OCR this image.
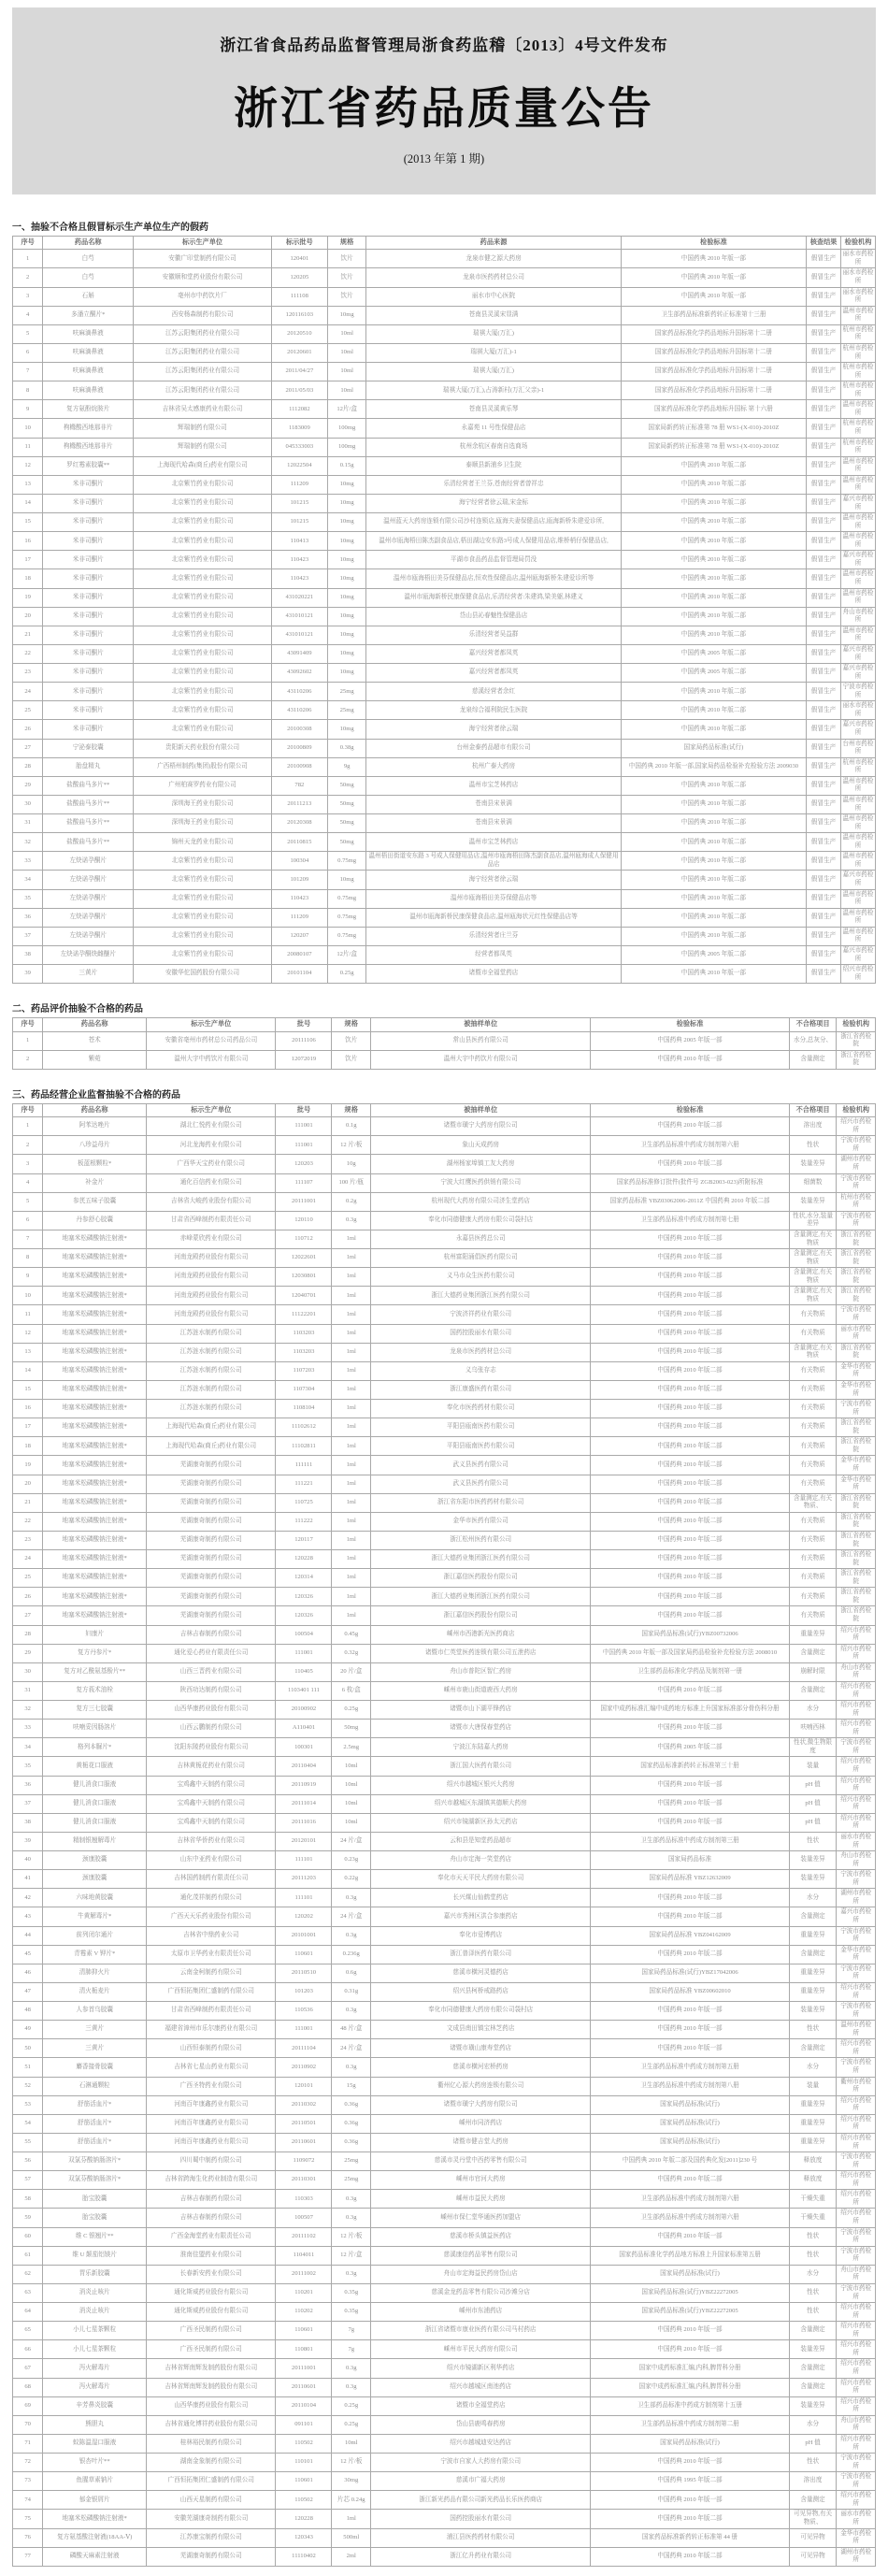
浙江省食品药品监督管理局浙食药监稽〔2013〕4号文件发布
浙江省药品质量公告
(2013 年第 1 期)
一、抽验不合格且假冒标示生产单位生产的假药
序号	药品名称	标示生产单位	标示批号	规格	药品来源	检验标准	核查结果	检验机构
1	白芍	安徽广印堂制药有限公司	120401	饮片	龙泉市健之源大药房	中国药典 2010 年版一部	假冒生产	丽水市药检所
2	白芍	安徽顺和堂药业股份有限公司	120205	饮片	龙泉市医药药材总公司	中国药典 2010 年版一部	假冒生产	丽水市药检所
3	石斛	亳州市中药饮片厂	111108	饮片	丽水市中心医院	中国药典 2010 年版一部	假冒生产	丽水市药检所
4	多潘立酮片*	西安杨森制药有限公司	120116103	10mg	苍南县灵溪宋显满	卫生部药品标准新药转正标准第十三册	假冒生产	温州市药检所
5	呋麻滴鼻液	江苏云阳集团药业有限公司	20120510	10ml	瑞祺大厦(万汇)	国家药品标准化学药品地标升国标第十二册	假冒生产	杭州市药检所
6	呋麻滴鼻液	江苏云阳集团药业有限公司	20120601	10ml	瑞祺大厦(万汇)-1	国家药品标准化学药品地标升国标第十二册	假冒生产	杭州市药检所
7	呋麻滴鼻液	江苏云阳集团药业有限公司	2011/04/27	10ml	瑞祺大厦(万汇)	国家药品标准化学药品地标升国标第十二册	假冒生产	杭州市药检所
8	呋麻滴鼻液	江苏云阳集团药业有限公司	2011/05/03	10ml	瑞祺大厦(万汇),占涛新村(万汇父亲)-1	国家药品标准化学药品地标升国标第十二册	假冒生产	杭州市药检所
9	复方氨酚烷胺片	吉林省吴太感康药业有限公司	1112082	12片/盒	苍南县灵溪黄乐琴	国家药品标准化学药品地标升国标 第十六册	假冒生产	温州市药检所
10	枸橼酸西地那非片	辉瑞制药有限公司	1183009	100mg	永嘉苑 11 号性保健品店	国家局新药转正标准第 78 册 WS1-(X-010)-2010Z	假冒生产	杭州市药检所
11	枸橼酸西地那非片	辉瑞制药有限公司	045333003	100mg	杭州余杭区春南自选商场	国家局新药转正标准第 78 册 WS1-(X-010)-2010Z	假冒生产	杭州市药检所
12	罗红霉素胶囊**	上海现代哈森(商丘)药业有限公司	12022504	0.15g	泰顺县新浦乡卫生院	中国药典 2010 年版二部	假冒生产	温州市药检所
13	米非司酮片	北京紫竹药业有限公司	111209	10mg	乐清经营者王兰芬,苍南经营者曾祥忠	中国药典 2010 年版二部	假冒生产	温州市药检所
14	米非司酮片	北京紫竹药业有限公司	101215	10mg	海宁经营者徐云瑞,宋金标	中国药典 2010 年版二部	假冒生产	嘉兴市药检所
15	米非司酮片	北京紫竹药业有限公司	101215	10mg	温州蓝天大药房连锁有限公司沙村连锁店,瓯海夫妻保健品店,瓯海新桥朱建爱诊所,	中国药典 2010 年版二部	假冒生产	温州市药检所
16	米非司酮片	北京紫竹药业有限公司	110413	10mg	温州市瓯海梧田陈杰副食品店,梧田湖边安东路3号成人保健用品店,维桥梢仔保健品店,	中国药典 2010 年版二部	假冒生产	温州市药检所
17	米非司酮片	北京紫竹药业有限公司	110423	10mg	平湖市食品药品监督管理局罚没	中国药典 2010 年版二部	假冒生产	嘉兴市药检所
18	米非司酮片	北京紫竹药业有限公司	110423	10mg	温州市瓯海梧田美芬保健品店,恒欢性保健品店,温州瓯海新桥朱建爱诊所等	中国药典 2010 年版二部	假冒生产	温州市药检所
19	米非司酮片	北京紫竹药业有限公司	431020221	10mg	温州市瓯海新桥民康保健食品店,乐清经营者:朱建鸿,梁美躯,林建义	中国药典 2010 年版二部	假冒生产	温州市药检所
20	米非司酮片	北京紫竹药业有限公司	431010121	10mg	岱山县沁春魅性保健品店	中国药典 2010 年版二部	假冒生产	舟山市药检所
21	米非司酮片	北京紫竹药业有限公司	431010121	10mg	乐清经营者吴益群	中国药典 2010 年版二部	假冒生产	温州市药检所
22	米非司酮片	北京紫竹药业有限公司	43091409	10mg	嘉兴经营者都凤英	中国药典 2005 年版二部	假冒生产	嘉兴市药检所
23	米非司酮片	北京紫竹药业有限公司	43092602	10mg	嘉兴经营者都凤英	中国药典 2005 年版二部	假冒生产	嘉兴市药检所
24	米非司酮片	北京紫竹药业有限公司	43110206	25mg	慈溪经营者余红	中国药典 2010 年版二部	假冒生产	宁波市药检所
25	米非司酮片	北京紫竹药业有限公司	43110206	25mg	龙泉综合福利院民生医院	中国药典 2010 年版二部	假冒生产	丽水市药检所
26	米非司酮片	北京紫竹药业有限公司	20100308	10mg	海宁经营者徐云瑞	中国药典 2010 年版二部	假冒生产	嘉兴市药检所
27	宁泌泰胶囊	贵阳新天药业股份有限公司	20100809	0.38g	台州金泰药品超市有限公司	国家局药品标准(试行)	假冒生产	台州市药检所
28	胎盘精丸	广西梧州制药(集团)股份有限公司	20100908	9g	杭州广泰大药房	中国药典 2010 年版一部,国家局药品检验补充检验方法 2009030	假冒生产	杭州市药检所
29	盐酸曲马多片**	广州柏赛罗药业有限公司	782	50mg	温州市宝芝林药店	中国药典 2010 年版二部	假冒生产	温州市药检所
30	盐酸曲马多片**	深圳海王药业有限公司	20111213	50mg	苍南县宋景满	中国药典 2010 年版二部	假冒生产	温州市药检所
31	盐酸曲马多片**	深圳海王药业有限公司	20120308	50mg	苍南县宋景满	中国药典 2010 年版二部	假冒生产	温州市药检所
32	盐酸曲马多片**	锦州天龙药业有限公司	20110815	50mg	温州市宝芝林药店	中国药典 2010 年版二部	假冒生产	温州市药检所
33	左炔诺孕酮片	北京紫竹药业有限公司	100304	0.75mg	温州梧田街道安东路 3 号成人保健用品店,温州市瓯海梧田陈杰副食品店,温州瓯海成人保健用品店	中国药典 2010 年版二部	假冒生产	温州市药检所
34	左炔诺孕酮片	北京紫竹药业有限公司	101209	10mg	海宁经营者徐云瑞	中国药典 2010 年版二部	假冒生产	嘉兴市药检所
35	左炔诺孕酮片	北京紫竹药业有限公司	110423	0.75mg	温州市瓯海梧田美芬保健品店等	中国药典 2010 年版二部	假冒生产	温州市药检所
36	左炔诺孕酮片	北京紫竹药业有限公司	111209	0.75mg	温州市瓯海新桥民康保健食品店,温州瓯海状元红性保健品店等	中国药典 2010 年版二部	假冒生产	温州市药检所
37	左炔诺孕酮片	北京紫竹药业有限公司	120207	0.75mg	乐清经营者庄兰芬	中国药典 2010 年版二部	假冒生产	温州市药检所
38	左炔诺孕酮炔雌醚片	北京紫竹药业有限公司	20080107	12片/盒	经营者都凤英	中国药典 2005 年版二部	假冒生产	嘉兴市药检所
39	三黄片	安徽华佗国药股份有限公司	20101104	0.25g	诸暨市全福堂药店	中国药典 2010 年版一部	假冒生产	绍兴市药检所
二、药品评价抽验不合格的药品
序号	药品名称	标示生产单位	批号	规格	被抽样单位	检验标准	不合格项目	检验机构
1	苍术	安徽省亳州市药材总公司药品公司	20111106	饮片	常山县医药有限公司	中国药典 2005 年版一部	水分,总灰分、	浙江省药检院
2	紫菀	温州大宇中药饮片有限公司	12072019	饮片	温州大宇中药饮片有限公司	中国药典 2010 年版一部	含量测定	浙江省药检院
三、药品经营企业监督抽验不合格的药品
序号	药品名称	标示生产单位	批号	规格	被抽样单位	检验标准	不合格项目	检验机构
1	阿苯达唑片	湖北仁悦药业有限公司	111001	0.1g	诸暨市璜宁大药房有限公司	中国药典 2010 年版二部	溶出度	绍兴市药检所
2	八珍益母片	河北龙海药业有限公司	111001	12 片/板	象山天成药房	卫生部药品标准中药成方制剂第六册	性状	宁波市药检所
3	板蓝根颗粒*	广西华天宝药业有限公司	120203	10g	湖州杨家埠镇工友大药房	中国药典 2010 年版二部	装量差异	湖州市药检所
4	补金片	通化百信药业有限公司	111107	100 片/瓶	宁波大红鹰医药供销有限公司	国家药品标准修订批件(批件号 ZGB2003-023)所附标准	细菌数	宁波市药检所
5	参芪五味子胶囊	吉林省大峻药业股份有限公司	20111001	0.2g	杭州现代大药房有限公司济生堂药店	国家药品标准 YBZ03062006-2011Z 中国药典 2010 年版二部	装量差异	杭州市药检所
6	丹参舒心胶囊	甘肃省西峰制药有限责任公司	120110	0.3g	奉化市同德健康大药房有限公司袋村店	卫生部药品标准中药成方制剂第七册	性状,水分,装量差异	宁波市药检所
7	地塞米松磷酸钠注射液*	赤峰蒙欣药业有限公司	110712	1ml	永嘉县医药总公司	中国药典 2010 年版二部	含量测定,有关物质	浙江省药检院
8	地塞米松磷酸钠注射液*	河南龙殿药业股份有限公司	12022601	1ml	杭州富阳涌倡医药有限公司	中国药典 2010 年版二部	含量测定,有关物质	浙江省药检院
9	地塞米松磷酸钠注射液*	河南龙殿药业股份有限公司	12030801	1ml	义马市众生医药有限公司	中国药典 2010 年版二部	含量测定,有关物质	浙江省药检院
10	地塞米松磷酸钠注射液*	河南龙殿药业股份有限公司	12040701	1ml	浙江大德药业集团浙江医药有限公司	中国药典 2010 年版二部	含量测定,有关物质	浙江省药检院
11	地塞米松磷酸钠注射液*	河南龙殿药业股份有限公司	11122201	1ml	宁波济祥药业有限公司	中国药典 2010 年版二部	有关物质	宁波市药检所
12	地塞米松磷酸钠注射液*	江苏涟水制药有限公司	1103203	1ml	国药控股丽水有限公司	中国药典 2010 年版二部	有关物质	丽水市药检所
13	地塞米松磷酸钠注射液*	江苏涟水制药有限公司	1103203	1ml	龙泉市医药药材总公司	中国药典 2010 年版二部	含量测定,有关物质	浙江省药检院
14	地塞米松磷酸钠注射液*	江苏涟水制药有限公司	1107203	1ml	义乌张存志	中国药典 2010 年版二部	有关物质	金华市药检所
15	地塞米松磷酸钠注射液*	江苏涟水制药有限公司	1107304	1ml	浙江康盛医药有限公司	中国药典 2010 年版二部	有关物质	金华市药检所
16	地塞米松磷酸钠注射液*	江苏涟水制药有限公司	1108104	1ml	奉化市医药药材有限公司	中国药典 2010 年版二部	有关物质	宁波市药检所
17	地塞米松磷酸钠注射液*	上海现代哈森(商丘)药业有限公司	11102612	1ml	平阳县瓯南医药有限公司	中国药典 2010 年版二部	有关物质	浙江省药检院
18	地塞米松磷酸钠注射液*	上海现代哈森(商丘)药业有限公司	11102811	1ml	平阳县瓯南医药有限公司	中国药典 2010 年版二部	有关物质	浙江省药检院
19	地塞米松磷酸钠注射液*	芜湖康奇制药有限公司	111111	1ml	武义县医药有限公司	中国药典 2010 年版二部	有关物质	金华市药检所
20	地塞米松磷酸钠注射液*	芜湖康奇制药有限公司	111221	1ml	武义县医药有限公司	中国药典 2010 年版二部	有关物质	金华市药检所
21	地塞米松磷酸钠注射液*	芜湖康奇制药有限公司	110725	1ml	浙江省东阳市医药药材有限公司	中国药典 2010 年版二部	含量测定,有关物质、	浙江省药检院
22	地塞米松磷酸钠注射液*	芜湖康奇制药有限公司	111222	1ml	金华市医药有限公司	中国药典 2010 年版二部	有关物质	浙江省药检院
23	地塞米松磷酸钠注射液*	芜湖康奇制药有限公司	120117	1ml	浙江松州医药有限公司	中国药典 2010 年版二部	有关物质	浙江省药检院
24	地塞米松磷酸钠注射液*	芜湖康奇制药有限公司	120228	1ml	浙江大德药业集团浙江医药有限公司	中国药典 2010 年版二部	有关物质	浙江省药检院
25	地塞米松磷酸钠注射液*	芜湖康奇制药有限公司	120314	1ml	浙江嘉信医药股份有限公司	中国药典 2010 年版二部	有关物质	浙江省药检院
26	地塞米松磷酸钠注射液*	芜湖康奇制药有限公司	120326	1ml	浙江大德药业集团浙江医药有限公司	中国药典 2010 年版二部	有关物质	浙江省药检院
27	地塞米松磷酸钠注射液*	芜湖康奇制药有限公司	120326	1ml	浙江嘉信医药股份有限公司	中国药典 2010 年版二部	有关物质	浙江省药检院
28	妇康片	吉林吉春制药有限公司	100504	0.45g	嵊州市西港新光医药商店	国家局药品标准(试行)YBZ00732006	重量差异	绍兴市药检所
29	复方丹参片*	通化爱心药业有限责任公司	111001	0.32g	诸暨市仁英堂医药连锁有限公司五泄药店	中国药典 2010 年版一部及国家局药品检验补充检验方法 2008010	含量测定	绍兴市药检所
30	复方对乙酰氨基酚片**	山西三晋药业有限公司	110405	20 片/盒	舟山市普陀区智仁药房	卫生部药品标准化学药品及制剂第一册	崩解时限	舟山市药检所
31	复方莪术油栓	陕西功达制药有限公司	1103401 111	6 枚/盒	嵊州市鹿山街道鹿西大药房	中国药典 2010 年版二部	含量测定	绍兴市药检所
32	复方三七胶囊	山西华康药业股份有限公司	20100902	0.25g	诸暨市山下湖平锋药店	国家中成药标准汇编中成药地方标准上升国家标准部分骨伤科分册	水分	绍兴市药检所
33	呋喃妥因肠溶片	山西云鹏制药有限公司	A110401	50mg	诸暨市大唐保春堂药店	中国药典 2010 年版二部	呋喃西林	绍兴市药检所
34	格列本脲片*	沈阳东陵药业股份有限公司	100301	2.5mg	宁波江东陆嘉大药房	中国药典 2005 年版二部	性状,微生物限度	宁波市药检所
35	黄栀花口服液	吉林黄栀花药业有限公司	20110404	10ml	浙江国大医药有限公司	国家药品标准新药转正标准第三十册	装量	绍兴市药检所
36	健儿消食口服液	宝鸡鑫中天制药有限公司	20110919	10ml	绍兴市越城区银兴大药房	中国药典 2010 年版一部	pH 值	绍兴市药检所
37	健儿消食口服液	宝鸡鑫中天制药有限公司	20111014	10ml	绍兴市越城区东湖镇其德顺大药房	中国药典 2010 年版一部	pH 值	绍兴市药检所
38	健儿消食口服液	宝鸡鑫中天制药有限公司	20111016	10ml	绍兴市镜湖新区孙太元药店	中国药典 2010 年版一部	pH 值	绍兴市药检所
39	精制银翘解毒片	吉林省华侨药业有限公司	20120101	24 片/盒	云和县是知堂药品超市	卫生部药品标准中药成方制剂第三册	性状	丽水市药检所
40	颈康胶囊	山东中亚药业有限公司	111101	0.23g	舟山市定海一笑堂药店	国家局药品标准	装量差异	舟山市药检所
41	颈康胶囊	吉林国药制药有限责任公司	20111203	0.22g	奉化市天天平民大药房有限公司	国家局药品标准 YBZ12632009	装量差异	宁波市药检所
42	六味地黄胶囊	通化茂祥制药有限公司	111101	0.3g	长兴煤山仙鹤堂药店	中国药典 2010 年版二部	水分	湖州市药检所
43	牛黄解毒片*	广西天天乐药业股份有限公司	120202	24 片/盒	嘉兴市秀洲区洪合参康药店	中国药典 2010 年版二部	含量测定	嘉兴市药检所
44	前列闭尔通片	吉林省中鼎药业公司	20101001	0.3g	奉化市爱博药店	国家局药品标准 YBZ04162009	重量差异	宁波市药检所
45	青霉素 V 钾片*	太原市卫华药业有限责任公司	110601	0.236g	浙江普泽医药有限公司	中国药典 2010 年版二部	含量测定	金华市药检所
46	清肺抑火片	云南金柯制药有限公司	20110510	0.6g	慈溪市横河灵德药店	国家局药品标准(试行)YBZ17042006	重量差异	宁波市药检所
47	清火栀麦片	广西恒拓集团仁盛制药有限公司	101203	0.31g	绍兴县柯桥戒路药店	国家局药品标准 YBZ00602010	重量差异	绍兴市药检所
48	人参首乌胶囊	甘肃省西峰制药有限责任公司	110536	0.3g	奉化市同德健康大药房有限公司袋村店	中国药典 2010 年版一部	装量差异	宁波市药检所
49	三黄片	福建省漳州市乐尔康药业有限公司	111001	48 片/盒	文成县南田镇宝林芝药店	中国药典 2010 年版一部	性状	温州市药检所
50	三黄片	山西恒泰制药有限公司	20111104	24 片/盒	诸暨市璜山康寿堂药店	中国药典 2010 年版一部	含量测定	绍兴市药检所
51	麝香接骨胶囊	吉林省七星山药业有限公司	20110902	0.3g	慈溪市横河宏桥药房	卫生部药品标准中药成方制剂第五册	水分	宁波市药检所
52	石淋通颗粒	广西圣特药业有限公司	120101	15g	衢州亿心源大药房连锁有限公司	卫生部药品标准中药成方制剂第八册	装量	衢州市药检所
53	舒筋活血片*	河南百年康鑫药业有限公司	20110302	0.36g	诸暨市璜宁大药房有限公司	国家局药品标准(试行)	重量差异	绍兴市药检所
54	舒筋活血片*	河南百年康鑫药业有限公司	20110501	0.36g	嵊州市同济药店	国家局药品标准(试行)	重量差异	绍兴市药检所
55	舒筋活血片*	河南百年康鑫药业有限公司	20110601	0.36g	诸暨市健吉堂大药房	国家局药品标准(试行)	重量差异	绍兴市药检所
56	双氯芬酸钠肠溶片*	四川蜀中制药有限公司	1109072	25mg	慈溪市灵丹堂中西药零售有限公司	中国药典 2010 年版二部及国药典化发[2011]230 号	释放度	宁波市药检所
57	双氯芬酸钠肠溶片*	吉林省跨海生化药业制造有限公司	20110301	25mg	嵊州市官河大药房	中国药典 2010 年版二部	释放度	绍兴市药检所
58	胎宝胶囊	吉林吉春制药有限公司	110303	0.3g	嵊州市益民大药房	卫生部药品标准中药成方制剂第六册	干燥失重	绍兴市药检所
59	胎宝胶囊	吉林吉春制药有限公司	100507	0.3g	嵊州市保仁堂华通医药加盟店	卫生部药品标准中药成方制剂第六册	干燥失重	绍兴市药检所
60	维 C 银翘片**	广西金海堂药业有限责任公司	20111102	12 片/板	慈溪市桥头镇益医药店	中国药典 2010 年版一部	性状	宁波市药检所
61	维 U 颠茄铝镁片	淮南佳盟药业有限公司	1104011	12 片/盒	慈溪康信药品零售有限公司	国家药品标准化学药品地方标准上升国家标准第五册	性状	宁波市药检所
62	胃乐新胶囊	长春新安药业有限公司	20111002	0.3g	舟山市定海益民药房岱山店	国家局药品标准(试行)	水分	舟山市药检所
63	消炎止咳片	通化斯威药业股份有限公司	110201	0.35g	慈溪金龙药品零售有限公司沙滩分店	国家局药品标准(试行)YBZ22272005	性状	宁波市药检所
64	消炎止咳片	通化斯威药业股份有限公司	110202	0.35g	嵊州市东浦药店	国家局药品标准(试行)YBZ22272005	性状	绍兴市药检所
65	小儿七星茶颗粒	广西圣民制药有限公司	110601	7g	浙江省诸暨市康业医药有限公司马村药店	中国药典 2010 年版一部	含量测定	绍兴市药检所
66	小儿七星茶颗粒	广西圣民制药有限公司	110801	7g	嵊州市平民大药房有限公司	中国药典 2010 年版一部	装量差异	绍兴市药检所
67	泻火解毒片	吉林省辉南辉发制药股份有限公司	20111001	0.3g	绍兴市镜湖新区利华药店	国家中成药标准汇编,内科,脾胃科分册	含量测定	绍兴市药检所
68	泻火解毒片	吉林省辉南辉发制药股份有限公司	20110601	0.3g	绍兴市越城区南池药店	国家中成药标准汇编,内科,脾胃科分册	含量测定	绍兴市药检所
69	辛芳鼻炎胶囊	山西华康药业股份有限公司	20110104	0.25g	诸暨市全福堂药店	卫生部药品标准中药成方制剂第十五册	装量差异	绍兴市药检所
70	熊胆丸	吉林省通化博祥药业股份有限公司	091101	0.25g	岱山县鹿鸣春药房	卫生部药品标准中药成方制剂第二册	水分	舟山市药检所
71	蚁陈温湿口服液	桂林裕民制药有限公司	110502	10ml	绍兴市越城迪安达药店	国家局药品标准(试行)	pH 值	绍兴市药检所
72	银杏叶片**	湖南金象制药有限公司	110101	12 片/板	宁波市自家人大药房有限公司	中国药典 2010 年版一部	性状	宁波市药检所
73	鱼腥草素钠片	广西恒拓集团仁盛制药有限公司	110601	30mg	慈溪市广福大药房	中国药典 1995 年版二部	溶出度	宁波市药检所
74	郁金银屑片	山西天星制药有限公司	110502	片芯 0.24g	浙江新光药品有限公司新光药品长乐医药商店	中国药典 2010 年版一部	含量测定	绍兴市药检所
75	地塞米松磷酸钠注射液*	安徽芜湖康奇制药有限公司	120228	1ml	国药控股丽水有限公司	中国药典 2010 年版二部	可见异物,有关物质、	丽水市药检所
76	复方氨基酸注射液(18AA-Ⅴ)	江苏康宝制药有限公司	120343	500ml	浦江县医药药材有限公司	国家药品标准新药转正标准第 44 册	可见异物	金华市药检所
77	磷酸天麻素注射液	芜湖康奇制药有限公司	11110402	2ml	浙江亿升药业有限公司	中国药典 2010 年版二部	可见异物	湖州市药检所
